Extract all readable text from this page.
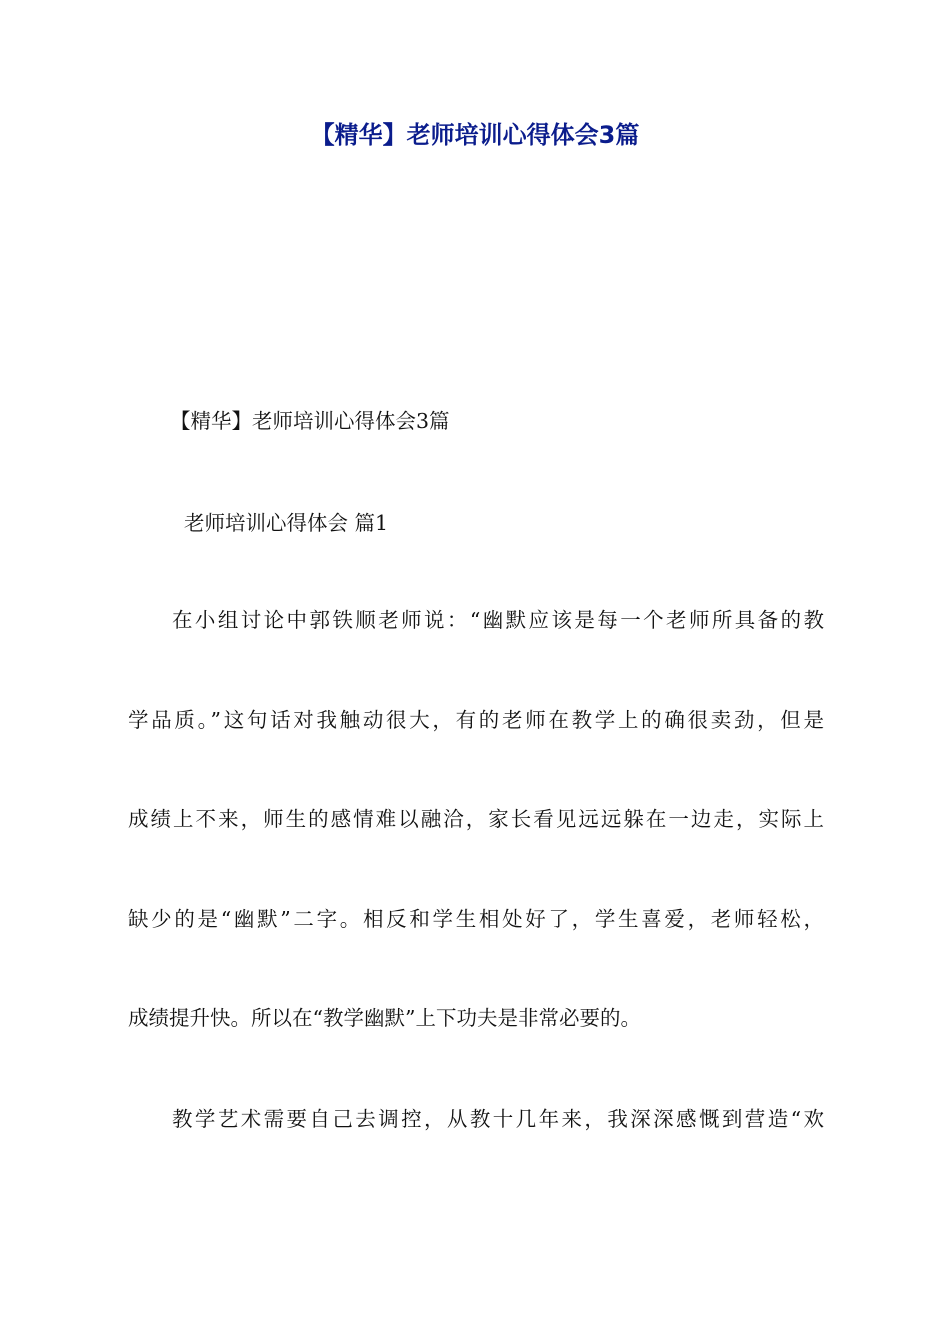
【精华】老师培训心得体会3篇

【精华】老师培训心得体会3篇

老师培训心得体会 篇1

在小组讨论中郭铁顺老师说：“幽默应该是每一个老师所具备的教

学品质。”这句话对我触动很大，有的老师在教学上的确很卖劲，但是

成绩上不来，师生的感情难以融洽，家长看见远远躲在一边走，实际上

缺少的是“幽默”二字。相反和学生相处好了，学生喜爱，老师轻松，

成绩提升快。所以在“教学幽默”上下功夫是非常必要的。

教学艺术需要自己去调控，从教十几年来，我深深感慨到营造“欢
